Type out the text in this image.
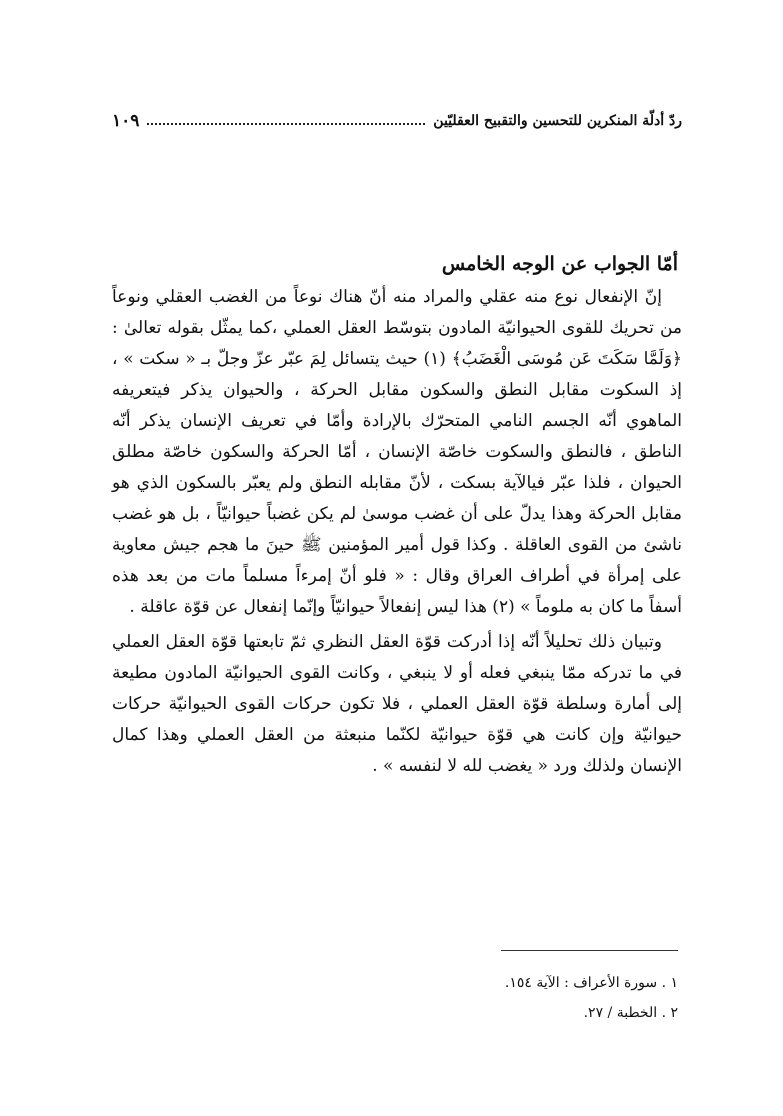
ردّ أدلّة المنكرين للتحسين والتقبيح العقليّين
١٠٩
أمّا الجواب عن الوجه الخامس

إنّ الإنفعال نوع منه عقلي والمراد منه أنّ هناك نوعاً من الغضب العقلي ونوعاً من تحريك للقوى الحيوانيّة المادون بتوسّط العقل العملي ،كما يمثّل بقوله تعالىٰ : ﴿وَلَمَّا سَكَتَ عَن مُوسَى الْغَضَبُ﴾ (١) حيث يتسائل لِمَ عبّر عزّ وجلّ بـ « سكت » ، إذ السكوت مقابل النطق والسكون مقابل الحركة ، والحيوان يذكر فيتعريفه الماهوي أنّه الجسم النامي المتحرّك بالإرادة وأمّا في تعريف الإنسان يذكر أنّه الناطق ، فالنطق والسكوت خاصّة الإنسان ، أمّا الحركة والسكون خاصّة مطلق الحيوان ، فلذا عبّر فيالآية بسكت ، لأنّ مقابله النطق ولم يعبّر بالسكون الذي هو مقابل الحركة وهذا يدلّ على أن غضب موسىٰ لم يكن غضباً حيوانيّاً ، بل هو غضب ناشئ من القوى العاقلة . وكذا قول أمير المؤمنين ﷺ حينَ ما هجم جيش معاوية على إمرأة في أطراف العراق وقال : « فلو أنّ إمرءاً مسلماً مات من بعد هذه أسفاً ما كان به ملوماً » (٢) هذا ليس إنفعالاً حيوانيّاً وإنّما إنفعال عن قوّة عاقلة .

وتبيان ذلك تحليلاً أنّه إذا أدركت قوّة العقل النظري ثمّ تابعتها قوّة العقل العملي في ما تدركه ممّا ينبغي فعله أو لا ينبغي ، وكانت القوى الحيوانيّة المادون مطيعة إلى أمارة وسلطة قوّة العقل العملي ، فلا تكون حركات القوى الحيوانيّة حركات حيوانيّة وإن كانت هي قوّة حيوانيّة لكنّما منبعثة من العقل العملي وهذا كمال الإنسان ولذلك ورد « يغضب لله لا لنفسه » .

١ . سورة الأعراف : الآية ١٥٤.
٢ . الخطبة / ٢٧.
